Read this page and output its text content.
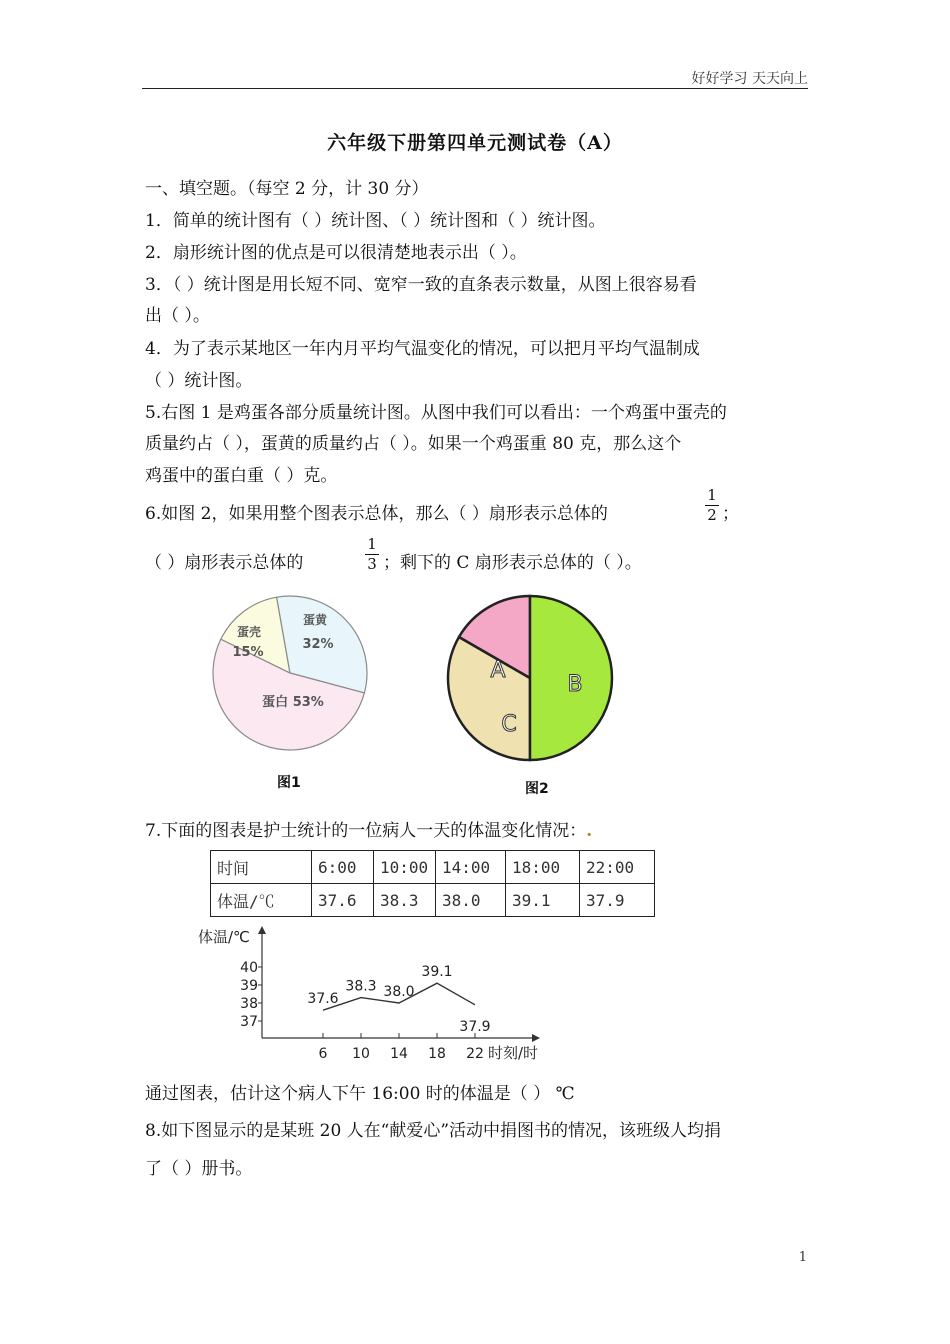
好好学习 天天向上
六年级下册第四单元测试卷（A）
一、填空题。（每空 2 分，计 30 分）
1．简单的统计图有（ ）统计图、（ ）统计图和（ ）统计图。
2．扇形统计图的优点是可以很清楚地表示出（ ）。
3．（ ）统计图是用长短不同、宽窄一致的直条表示数量，从图上很容易看
出（ ）。
4．为了表示某地区一年内月平均气温变化的情况，可以把月平均气温制成
（ ）统计图。
5.右图 1 是鸡蛋各部分质量统计图。从图中我们可以看出：一个鸡蛋中蛋壳的
质量约占（ ），蛋黄的质量约占（ ）。如果一个鸡蛋重 80 克，那么这个
鸡蛋中的蛋白重（ ）克。
6.如图 2，如果用整个图表示总体，那么（ ）扇形表示总体的
1
2 ；
（ ）扇形表示总体的
1
3 ；剩下的 C 扇形表示总体的（ ）。
蛋壳
15%
蛋黄
32%
蛋白 53%
图1
A
B
C
图2
7.下面的图表是护士统计的一位病人一天的体温变化情况：.
时间	6:00	10:00	14:00	18:00	22:00
体温/℃	37.6	38.3	38.0	39.1	37.9
体温/℃
40
39
38
37
6 10 14 18 22 时刻/时
37.6
38.3 38.0
39.1
37.9
通过图表，估计这个病人下午 16:00 时的体温是（ ） ℃
8.如下图显示的是某班 20 人在“献爱心”活动中捐图书的情况，该班级人均捐
了（ ）册书。
1
